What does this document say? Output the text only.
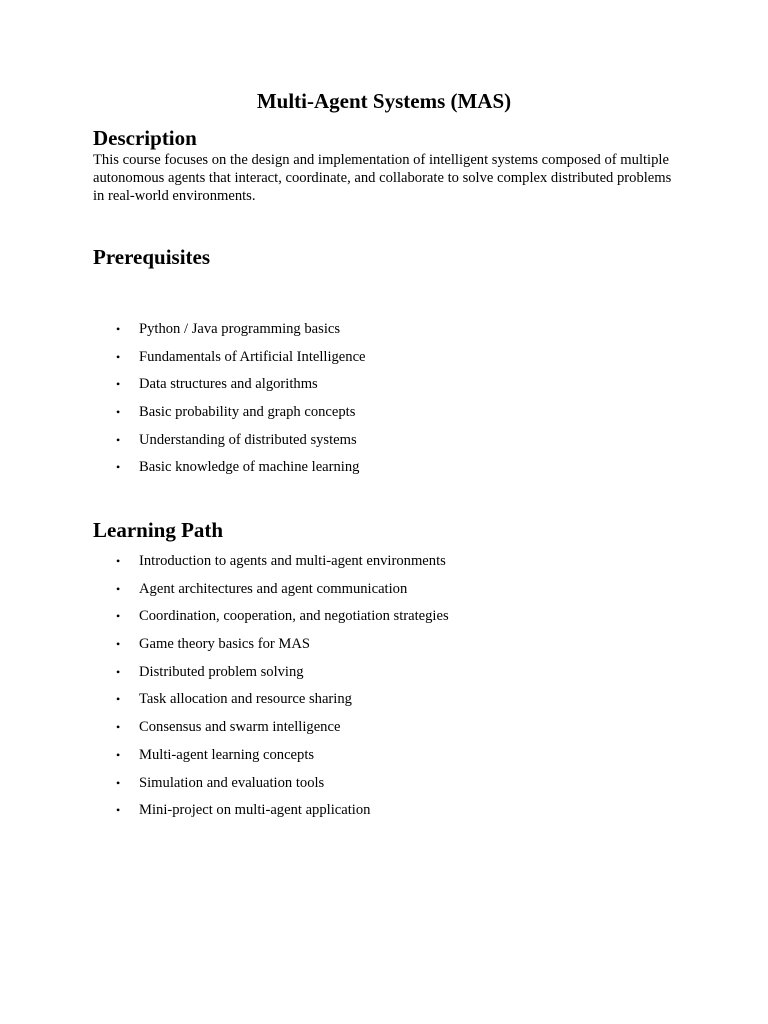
Multi-Agent Systems (MAS)
Description

This course focuses on the design and implementation of intelligent systems composed of multiple autonomous agents that interact, coordinate, and collaborate to solve complex distributed problems in real-world environments.

Prerequisites
• Python / Java programming basics
• Fundamentals of Artificial Intelligence
• Data structures and algorithms
• Basic probability and graph concepts
• Understanding of distributed systems
• Basic knowledge of machine learning
Learning Path
• Introduction to agents and multi-agent environments
• Agent architectures and agent communication
• Coordination, cooperation, and negotiation strategies
• Game theory basics for MAS
• Distributed problem solving
• Task allocation and resource sharing
• Consensus and swarm intelligence
• Multi-agent learning concepts
• Simulation and evaluation tools
• Mini-project on multi-agent application
